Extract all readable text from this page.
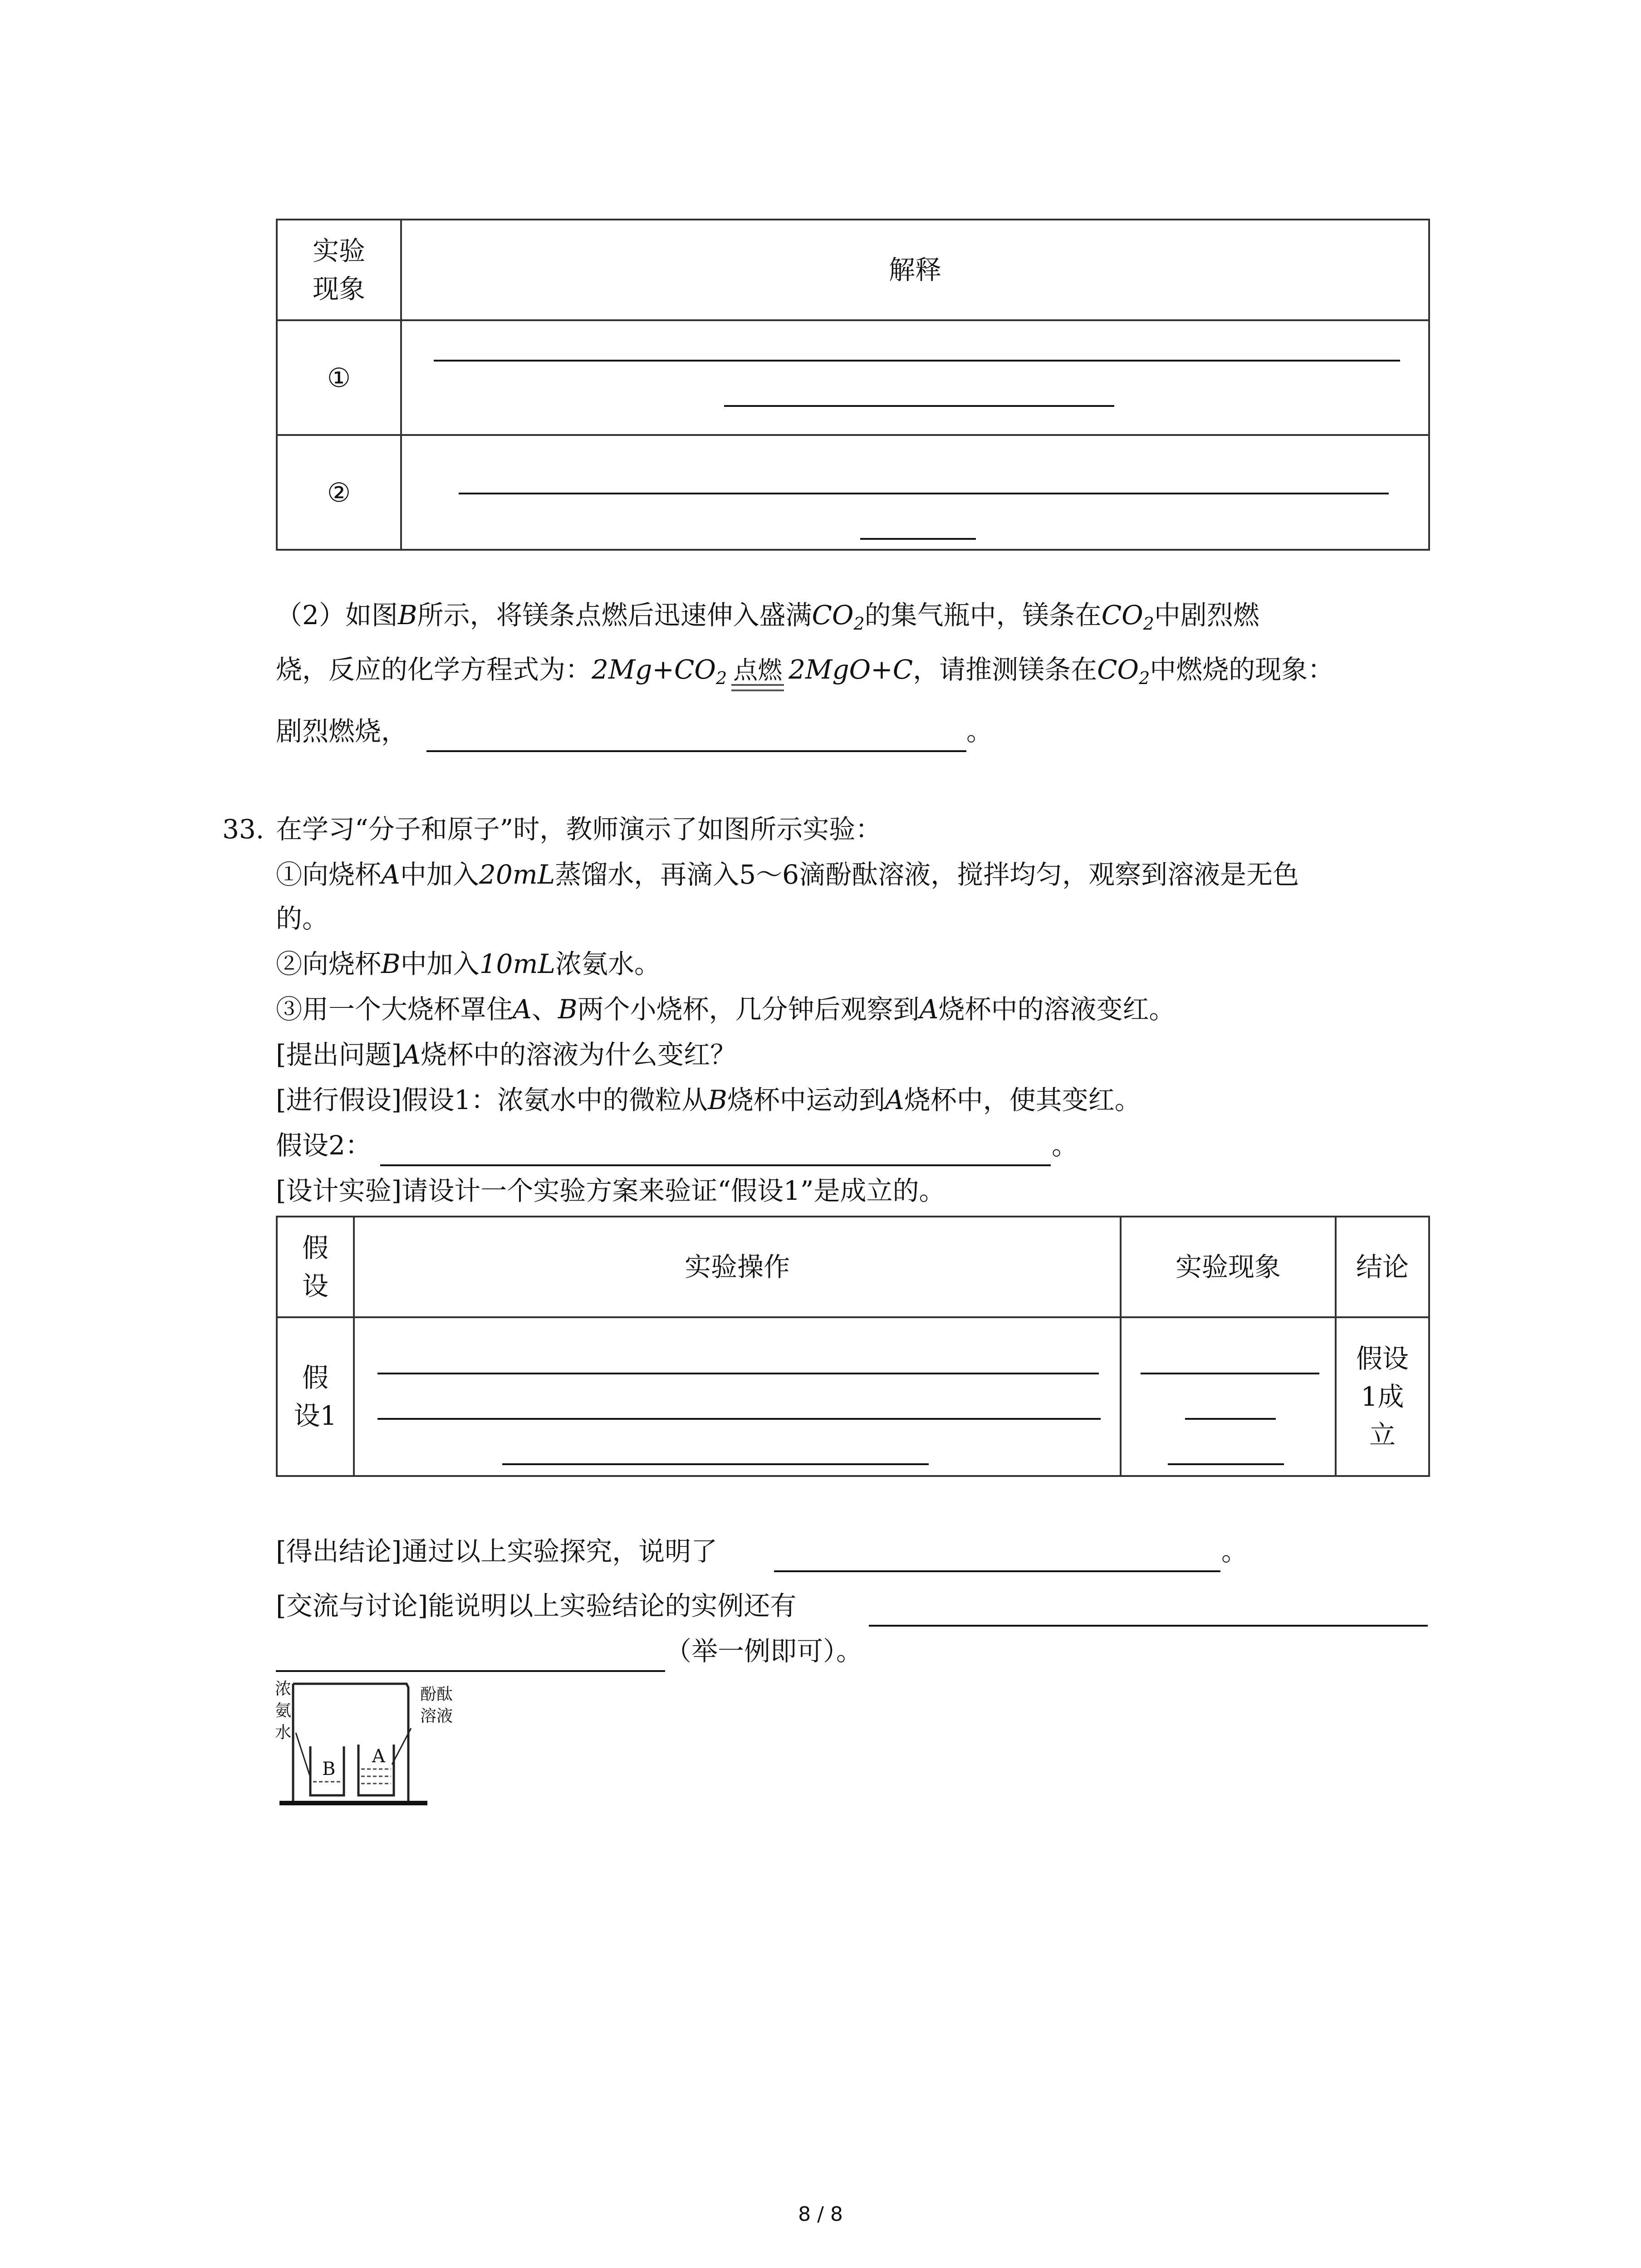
实验现象	解释
①	

②	
（2）如图B所示，将镁条点燃后迅速伸入盛满$CO_2$的集气瓶中，镁条在$CO_2$中剧烈燃
烧，反应的化学方程式为：$2Mg+CO_2$ 点燃 2MgO+C，请推测镁条在$CO_2$中燃烧的现象：
剧烈燃烧，	。
33. 在学习“分子和原子”时，教师演示了如图所示实验：
①向烧杯A中加入20mL蒸馏水，再滴入5～6滴酚酞溶液，搅拌均匀，观察到溶液是无色
的。
②向烧杯B中加入10mL浓氨水。
③用一个大烧杯罩住A、B两个小烧杯，几分钟后观察到A烧杯中的溶液变红。
[提出问题]A烧杯中的溶液为什么变红？
[进行假设]假设1：浓氨水中的微粒从B烧杯中运动到A烧杯中，使其变红。
假设2：	。
[设计实验]请设计一个实验方案来验证“假设1”是成立的。
假设	实验操作	实验现象	结论

假设1			假设1成立
[得出结论]通过以上实验探究，说明了	。
[交流与讨论]能说明以上实验结论的实例还有
（举一例即可）。
浓氨水
酚酞溶液
B
A
8 / 8
